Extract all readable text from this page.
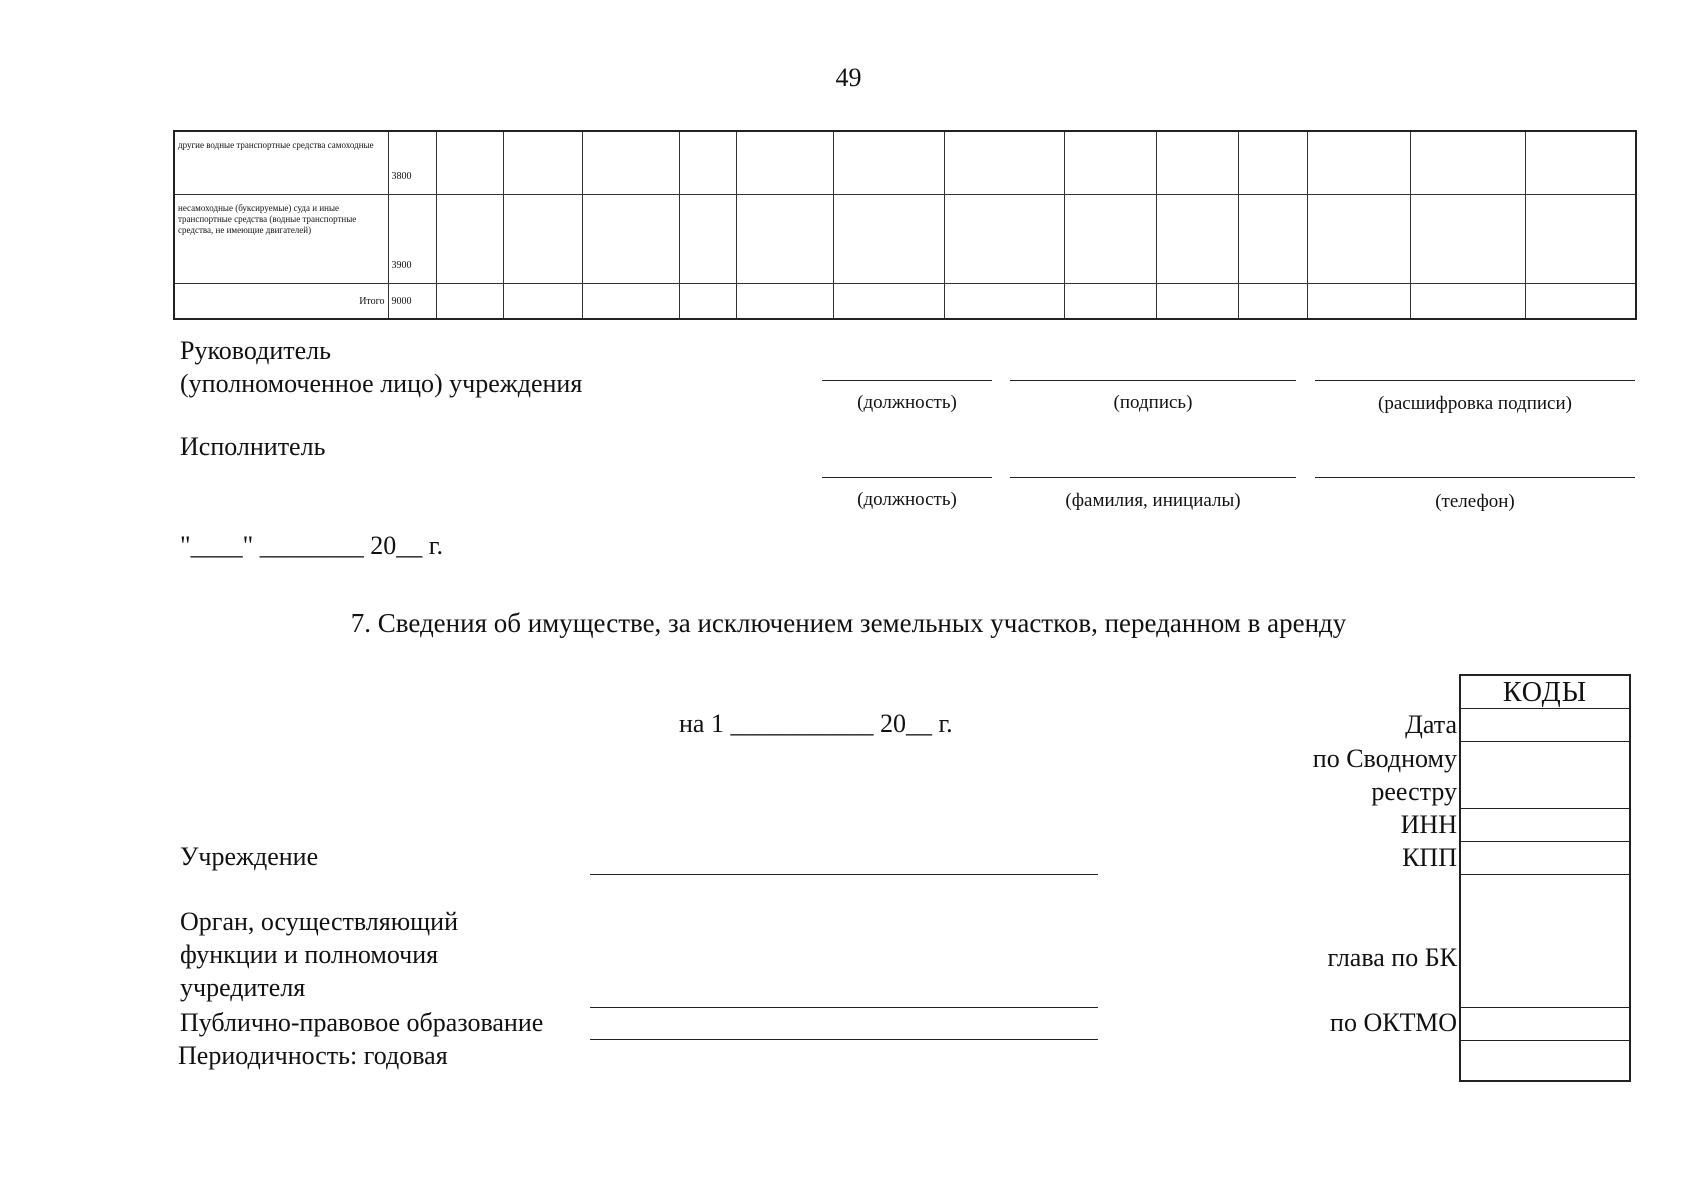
49
другие водные транспортные средства самоходные	3800													
несамоходные (буксируемые) суда и иные транспортные средства (водные транспортные средства, не имеющие двигателей)	3900													
Итого	9000													
Руководитель
(уполномоченное лицо) учреждения
(должность)	(подпись)	(расшифровка подписи)
Исполнитель
(должность)	(фамилия, инициалы)	(телефон)
"____" ________ 20__ г.
7. Сведения об имуществе, за исключением земельных участков, переданном в аренду
на 1 ___________ 20__ г.
Учреждение
Орган, осуществляющий
функции и полномочия
учредителя
Публично-правовое образование
Периодичность: годовая
КОДЫ
Дата
по Сводному
реестру
ИНН
КПП
глава по БК
по ОКТМО
